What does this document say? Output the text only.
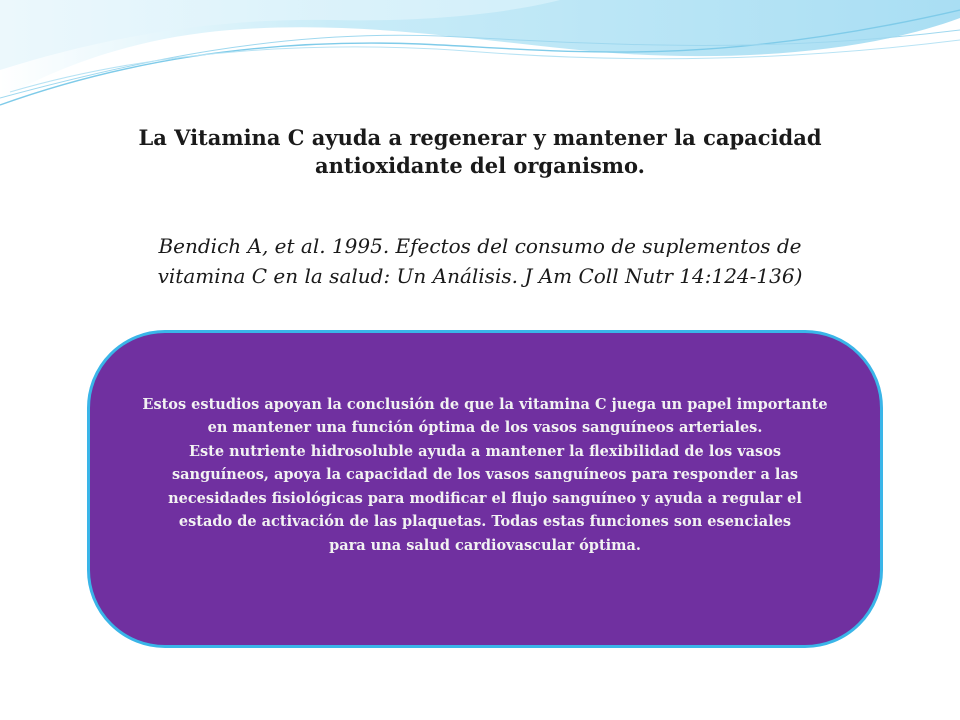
La Vitamina C ayuda a regenerar y mantener la capacidad
antioxidante del organismo.
Bendich A, et al. 1995. Efectos del consumo de suplementos de
vitamina C en la salud: Un Análisis. J Am Coll Nutr 14:124-136)
Estos estudios apoyan la conclusión de que la vitamina C juega un papel importante
en mantener una función óptima de los vasos sanguíneos arteriales.
Este nutriente hidrosoluble ayuda a mantener la flexibilidad de los vasos
sanguíneos, apoya la capacidad de los vasos sanguíneos para responder a las
necesidades fisiológicas para modificar el flujo sanguíneo y ayuda a regular el
estado de activación de las plaquetas. Todas estas funciones son esenciales
para una salud cardiovascular óptima.
